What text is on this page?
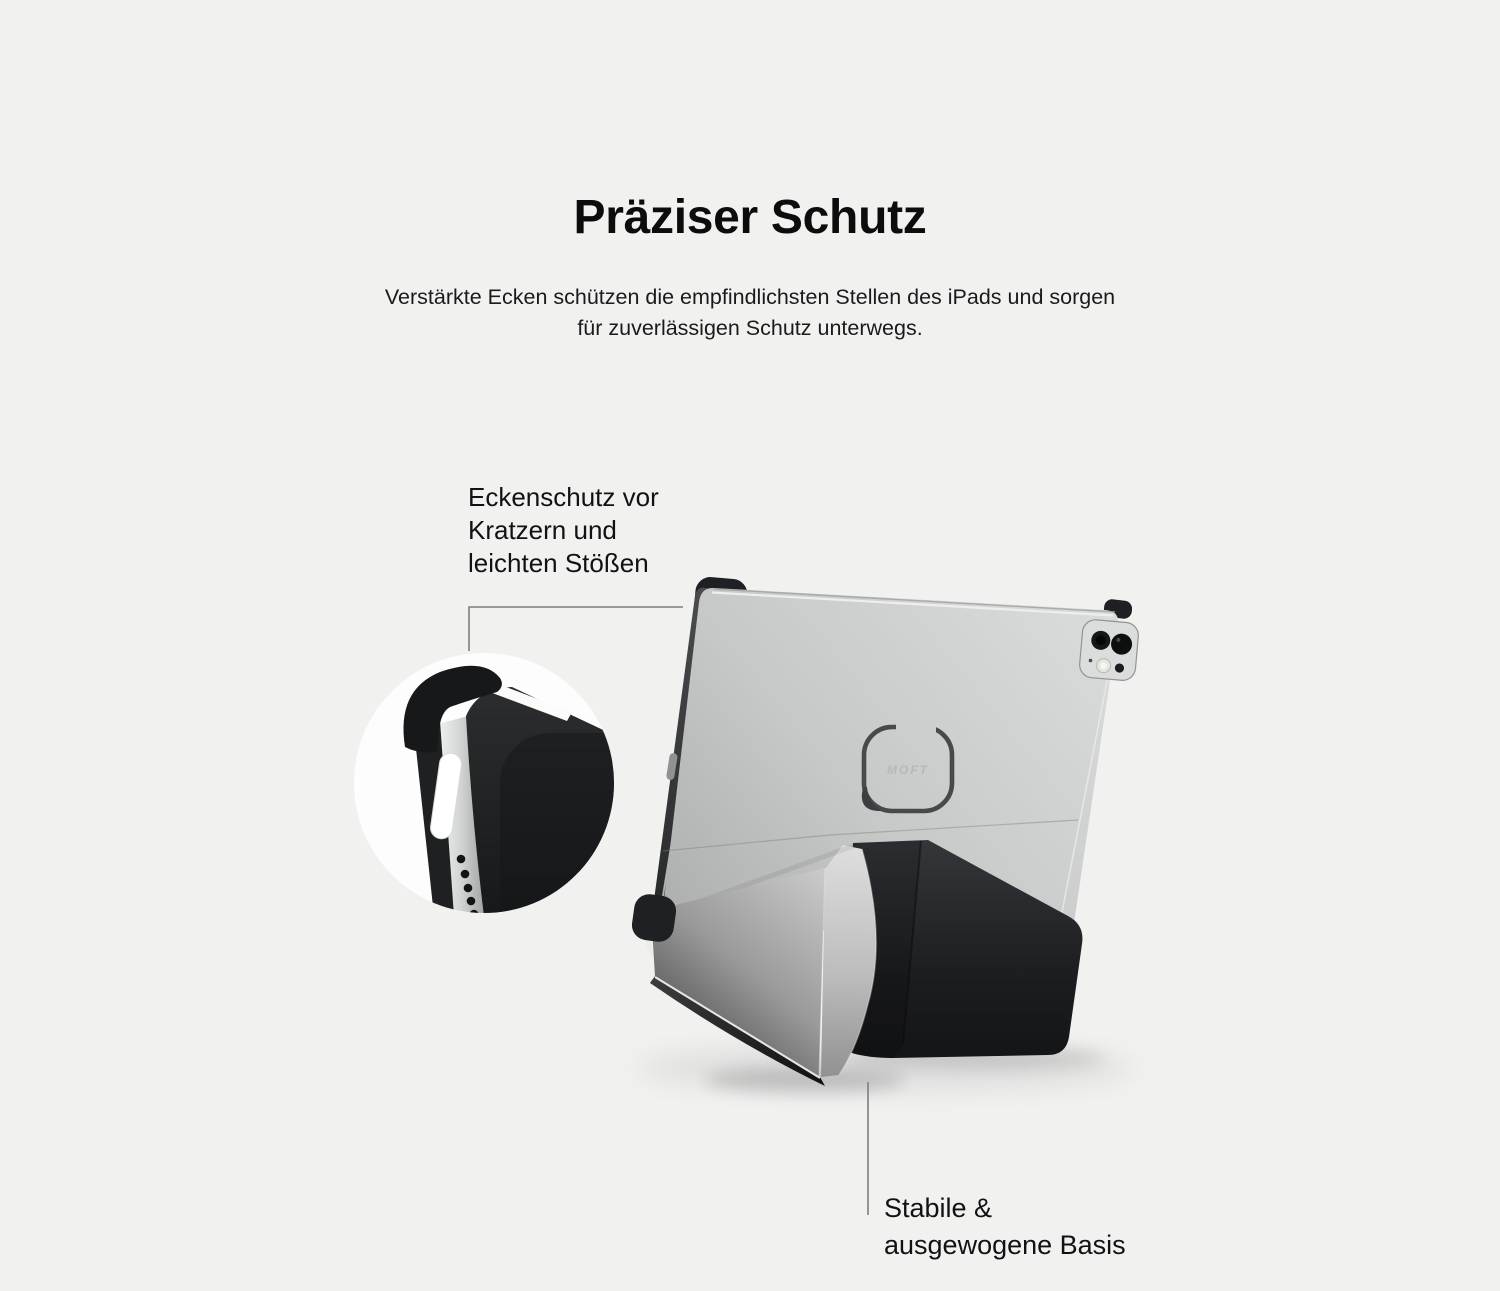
Präziser Schutz

Verstärkte Ecken schützen die empfindlichsten Stellen des iPads und sorgen
für zuverlässigen Schutz unterwegs.

Eckenschutz vor
Kratzern und
leichten Stößen
Stabile &
ausgewogene Basis
MOFT
